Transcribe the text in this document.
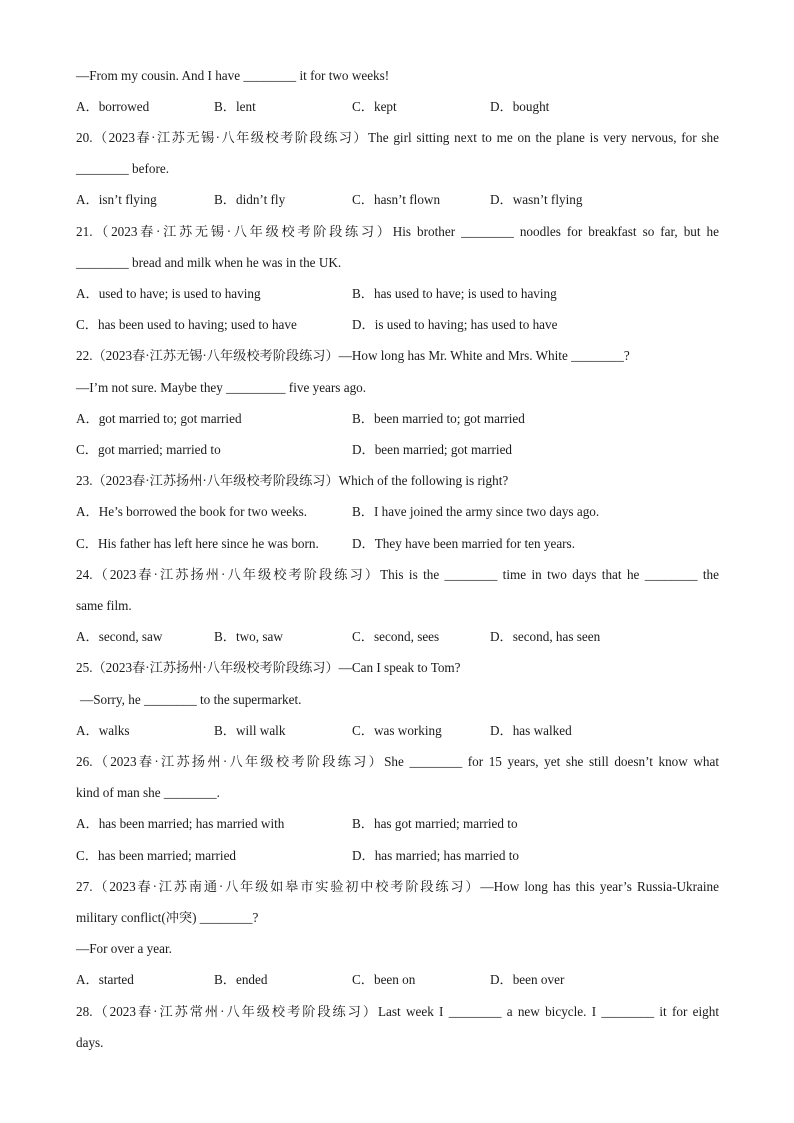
—From my cousin. And I have ________ it for two weeks!
A．borrowed	B．lent	C．kept	D．bought
20.（2023春·江苏无锡·八年级校考阶段练习）The girl sitting next to me on the plane is very nervous, for she
________ before.
A．isn’t flying	B．didn’t fly	C．hasn’t flown	D．wasn’t flying
21.（2023春·江苏无锡·八年级校考阶段练习）His brother ________ noodles for breakfast so far, but he
________ bread and milk when he was in the UK.
A．used to have; is used to having	B．has used to have; is used to having
C．has been used to having; used to have	D．is used to having; has used to have
22.（2023春·江苏无锡·八年级校考阶段练习）—How long has Mr. White and Mrs. White ________?
—I’m not sure. Maybe they _________ five years ago.
A．got married to; got married	B．been married to; got married
C．got married; married to	D．been married; got married
23.（2023春·江苏扬州·八年级校考阶段练习）Which of the following is right?
A．He’s borrowed the book for two weeks.	B．I have joined the army since two days ago.
C．His father has left here since he was born.	D．They have been married for ten years.
24.（2023春·江苏扬州·八年级校考阶段练习）This is the ________ time in two days that he ________ the
same film.
A．second, saw	B．two, saw	C．second, sees	D．second, has seen
25.（2023春·江苏扬州·八年级校考阶段练习）—Can I speak to Tom?
—Sorry, he ________ to the supermarket.
A．walks	B．will walk	C．was working	D．has walked
26.（2023春·江苏扬州·八年级校考阶段练习）She ________ for 15 years, yet she still doesn’t know what
kind of man she ________.
A．has been married; has married with	B．has got married; married to
C．has been married; married	D．has married; has married to
27.（2023春·江苏南通·八年级如皋市实验初中校考阶段练习）—How long has this year’s Russia-Ukraine
military conflict(冲突) ________?
—For over a year.
A．started	B．ended	C．been on	D．been over
28.（2023春·江苏常州·八年级校考阶段练习）Last week I ________ a new bicycle. I ________ it for eight
days.
